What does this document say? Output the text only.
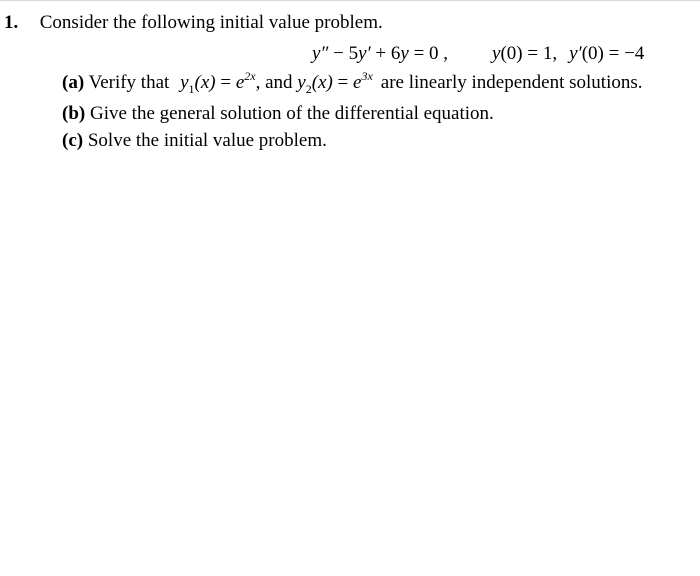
1. Consider the following initial value problem.
y″ − 5y′ + 6y = 0 , y(0) = 1, y′(0) = −4
(a) Verify that $y_1(x) = e^{2x}$, and $y_2(x) = e^{3x}$ are linearly independent solutions.
(b) Give the general solution of the differential equation.
(c) Solve the initial value problem.
